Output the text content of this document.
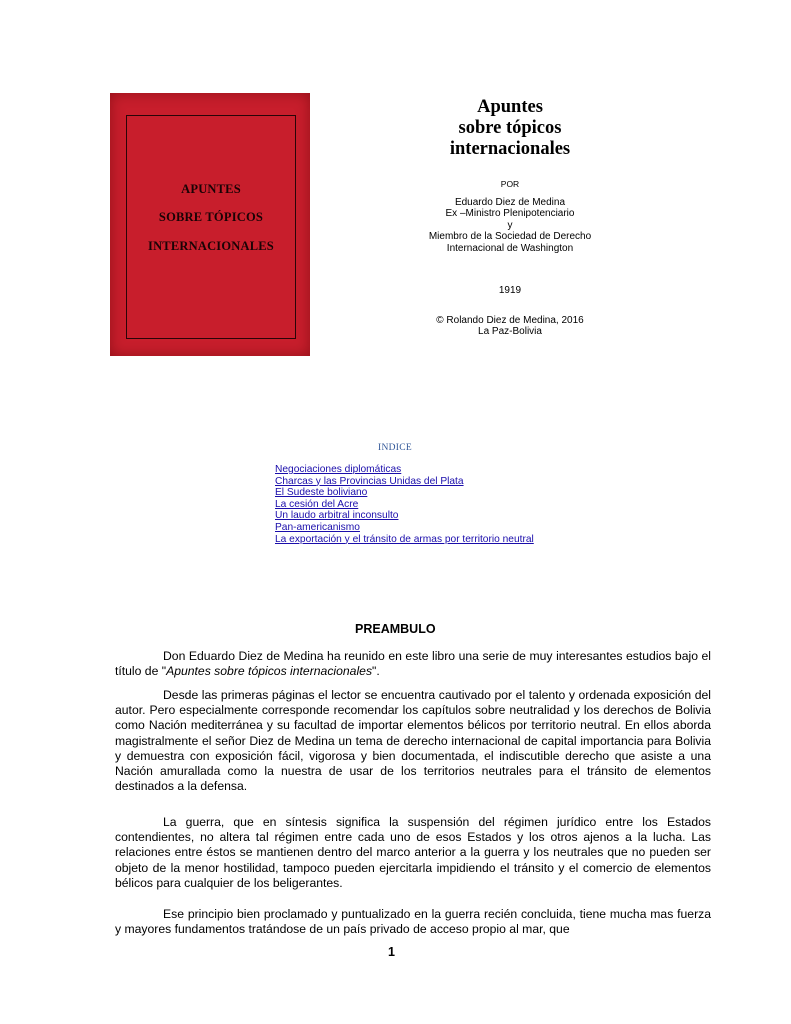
APUNTES
SOBRE TÓPICOS
INTERNACIONALES
Apuntes
sobre tópicos
internacionales
POR
Eduardo Diez de Medina
Ex –Ministro Plenipotenciario
y
Miembro de la Sociedad de Derecho
Internacional de Washington
1919
© Rolando Diez de Medina, 2016
La Paz-Bolivia
INDICE
Negociaciones diplomáticas
Charcas y las Provincias Unidas del Plata
El Sudeste boliviano
La cesión del Acre
Un laudo arbitral inconsulto
Pan-americanismo
La exportación y el tránsito de armas por territorio neutral
PREAMBULO
Don Eduardo Diez de Medina ha reunido en este libro una serie de muy interesantes estudios bajo el título de "Apuntes sobre tópicos internacionales".
Desde las primeras páginas el lector se encuentra cautivado por el talento y ordenada exposición del autor. Pero especialmente corresponde recomendar los capítulos sobre neutralidad y los derechos de Bolivia como Nación mediterránea y su facultad de importar elementos bélicos por territorio neutral. En ellos aborda magistralmente el señor Diez de Medina un tema de derecho internacional de capital importancia para Bolivia y demuestra con exposición fácil, vigorosa y bien documentada, el indiscutible derecho que asiste a una Nación amurallada como la nuestra de usar de los territorios neutrales para el tránsito de elementos destinados a la defensa.
La guerra, que en síntesis significa la suspensión del régimen jurídico entre los Estados contendientes, no altera tal régimen entre cada uno de esos Estados y los otros ajenos a la lucha. Las relaciones entre éstos se mantienen dentro del marco anterior a la guerra y los neutrales que no pueden ser objeto de la menor hostilidad, tampoco pueden ejercitarla impidiendo el tránsito y el comercio de elementos bélicos para cualquier de los beligerantes.
Ese principio bien proclamado y puntualizado en la guerra recién concluida, tiene mucha mas fuerza y mayores fundamentos tratándose de un país privado de acceso propio al mar, que
1
